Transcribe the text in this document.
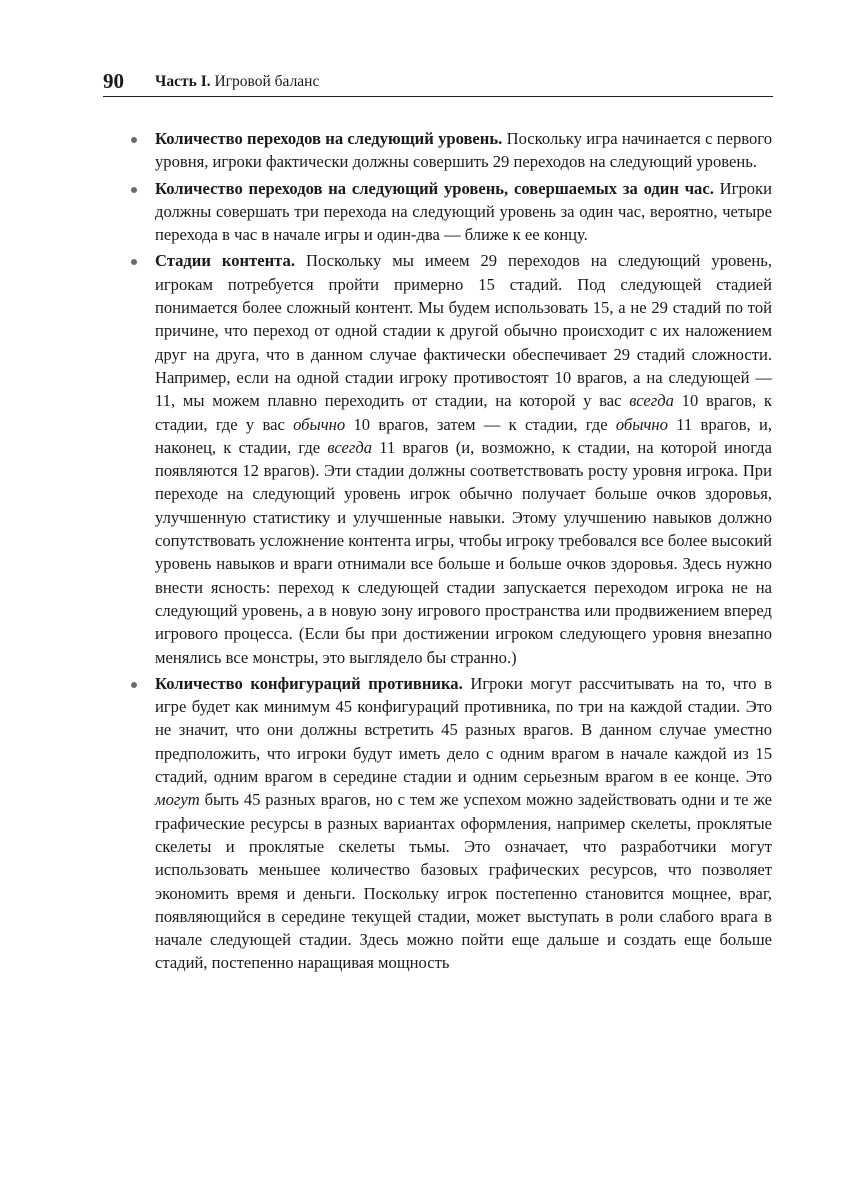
90 Часть I. Игровой баланс

Количество переходов на следующий уровень. Поскольку игра начинается с первого уровня, игроки фактически должны совершить 29 переходов на следующий уровень.

Количество переходов на следующий уровень, совершаемых за один час. Игроки должны совершать три перехода на следующий уровень за один час, вероятно, четыре перехода в час в начале игры и один-два — ближе к ее концу.

Стадии контента. Поскольку мы имеем 29 переходов на следующий уровень, игрокам потребуется пройти примерно 15 стадий. Под следующей стадией понимается более сложный контент. Мы будем использовать 15, а не 29 стадий по той причине, что переход от одной стадии к другой обычно происходит с их наложением друг на друга, что в данном случае фактически обеспечивает 29 стадий сложности. Например, если на одной стадии игроку противостоят 10 врагов, а на следующей — 11, мы можем плавно переходить от стадии, на которой у вас всегда 10 врагов, к стадии, где у вас обычно 10 врагов, затем — к стадии, где обычно 11 врагов, и, наконец, к стадии, где всегда 11 врагов (и, возможно, к стадии, на которой иногда появляются 12 врагов). Эти стадии должны соответствовать росту уровня игрока. При переходе на следующий уровень игрок обычно получает больше очков здоровья, улучшенную статистику и улучшенные навыки. Этому улучшению навыков должно сопутствовать усложнение контента игры, чтобы игроку требовался все более высокий уровень навыков и враги отнимали все больше и больше очков здоровья. Здесь нужно внести ясность: переход к следующей стадии запускается переходом игрока не на следующий уровень, а в новую зону игрового пространства или продвижением вперед игрового процесса. (Если бы при достижении игроком следующего уровня внезапно менялись все монстры, это выглядело бы странно.)

Количество конфигураций противника. Игроки могут рассчитывать на то, что в игре будет как минимум 45 конфигураций противника, по три на каждой стадии. Это не значит, что они должны встретить 45 разных врагов. В данном случае уместно предположить, что игроки будут иметь дело с одним врагом в начале каждой из 15 стадий, одним врагом в середине стадии и одним серьезным врагом в ее конце. Это могут быть 45 разных врагов, но с тем же успехом можно задействовать одни и те же графические ресурсы в разных вариантах оформления, например скелеты, проклятые скелеты и проклятые скелеты тьмы. Это означает, что разработчики могут использовать меньшее количество базовых графических ресурсов, что позволяет экономить время и деньги. Поскольку игрок постепенно становится мощнее, враг, появляющийся в середине текущей стадии, может выступать в роли слабого врага в начале следующей стадии. Здесь можно пойти еще дальше и создать еще больше стадий, постепенно наращивая мощность
